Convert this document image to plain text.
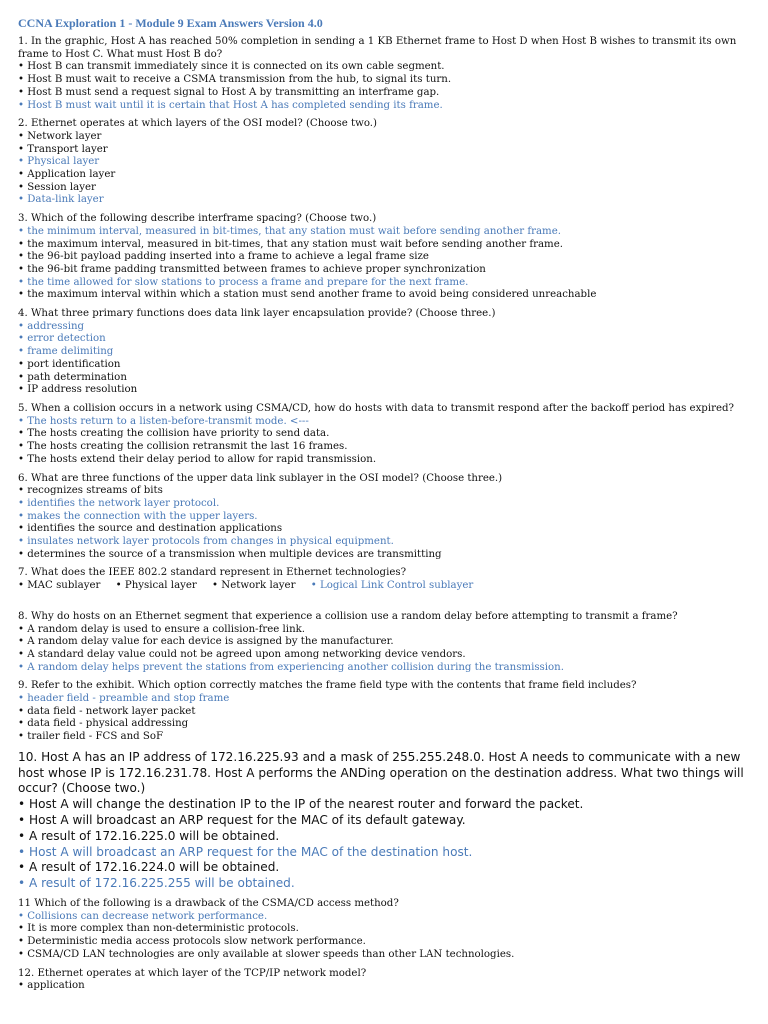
CCNA Exploration 1 - Module 9 Exam Answers Version 4.0
1. In the graphic, Host A has reached 50% completion in sending a 1 KB Ethernet frame to Host D when Host B wishes to transmit its own frame to Host C. What must Host B do?
• Host B can transmit immediately since it is connected on its own cable segment.
• Host B must wait to receive a CSMA transmission from the hub, to signal its turn.
• Host B must send a request signal to Host A by transmitting an interframe gap.
• Host B must wait until it is certain that Host A has completed sending its frame.
2. Ethernet operates at which layers of the OSI model? (Choose two.)
• Network layer
• Transport layer
• Physical layer
• Application layer
• Session layer
• Data-link layer
3. Which of the following describe interframe spacing? (Choose two.)
• the minimum interval, measured in bit-times, that any station must wait before sending another frame.
• the maximum interval, measured in bit-times, that any station must wait before sending another frame.
• the 96-bit payload padding inserted into a frame to achieve a legal frame size
• the 96-bit frame padding transmitted between frames to achieve proper synchronization
• the time allowed for slow stations to process a frame and prepare for the next frame.
• the maximum interval within which a station must send another frame to avoid being considered unreachable
4. What three primary functions does data link layer encapsulation provide? (Choose three.)
• addressing
• error detection
• frame delimiting
• port identification
• path determination
• IP address resolution
5. When a collision occurs in a network using CSMA/CD, how do hosts with data to transmit respond after the backoff period has expired?
• The hosts return to a listen-before-transmit mode. <---
• The hosts creating the collision have priority to send data.
• The hosts creating the collision retransmit the last 16 frames.
• The hosts extend their delay period to allow for rapid transmission.
6. What are three functions of the upper data link sublayer in the OSI model? (Choose three.)
• recognizes streams of bits
• identifies the network layer protocol.
• makes the connection with the upper layers.
• identifies the source and destination applications
• insulates network layer protocols from changes in physical equipment.
• determines the source of a transmission when multiple devices are transmitting
7. What does the IEEE 802.2 standard represent in Ethernet technologies?
• MAC sublayer • Physical layer • Network layer • Logical Link Control sublayer
8. Why do hosts on an Ethernet segment that experience a collision use a random delay before attempting to transmit a frame?
• A random delay is used to ensure a collision-free link.
• A random delay value for each device is assigned by the manufacturer.
• A standard delay value could not be agreed upon among networking device vendors.
• A random delay helps prevent the stations from experiencing another collision during the transmission.
9. Refer to the exhibit. Which option correctly matches the frame field type with the contents that frame field includes?
• header field - preamble and stop frame
• data field - network layer packet
• data field - physical addressing
• trailer field - FCS and SoF
10. Host A has an IP address of 172.16.225.93 and a mask of 255.255.248.0. Host A needs to communicate with a new host whose IP is 172.16.231.78. Host A performs the ANDing operation on the destination address. What two things will occur? (Choose two.)
• Host A will change the destination IP to the IP of the nearest router and forward the packet.
• Host A will broadcast an ARP request for the MAC of its default gateway.
• A result of 172.16.225.0 will be obtained.
• Host A will broadcast an ARP request for the MAC of the destination host.
• A result of 172.16.224.0 will be obtained.
• A result of 172.16.225.255 will be obtained.
11 Which of the following is a drawback of the CSMA/CD access method?
• Collisions can decrease network performance.
• It is more complex than non-deterministic protocols.
• Deterministic media access protocols slow network performance.
• CSMA/CD LAN technologies are only available at slower speeds than other LAN technologies.
12. Ethernet operates at which layer of the TCP/IP network model?
• application
